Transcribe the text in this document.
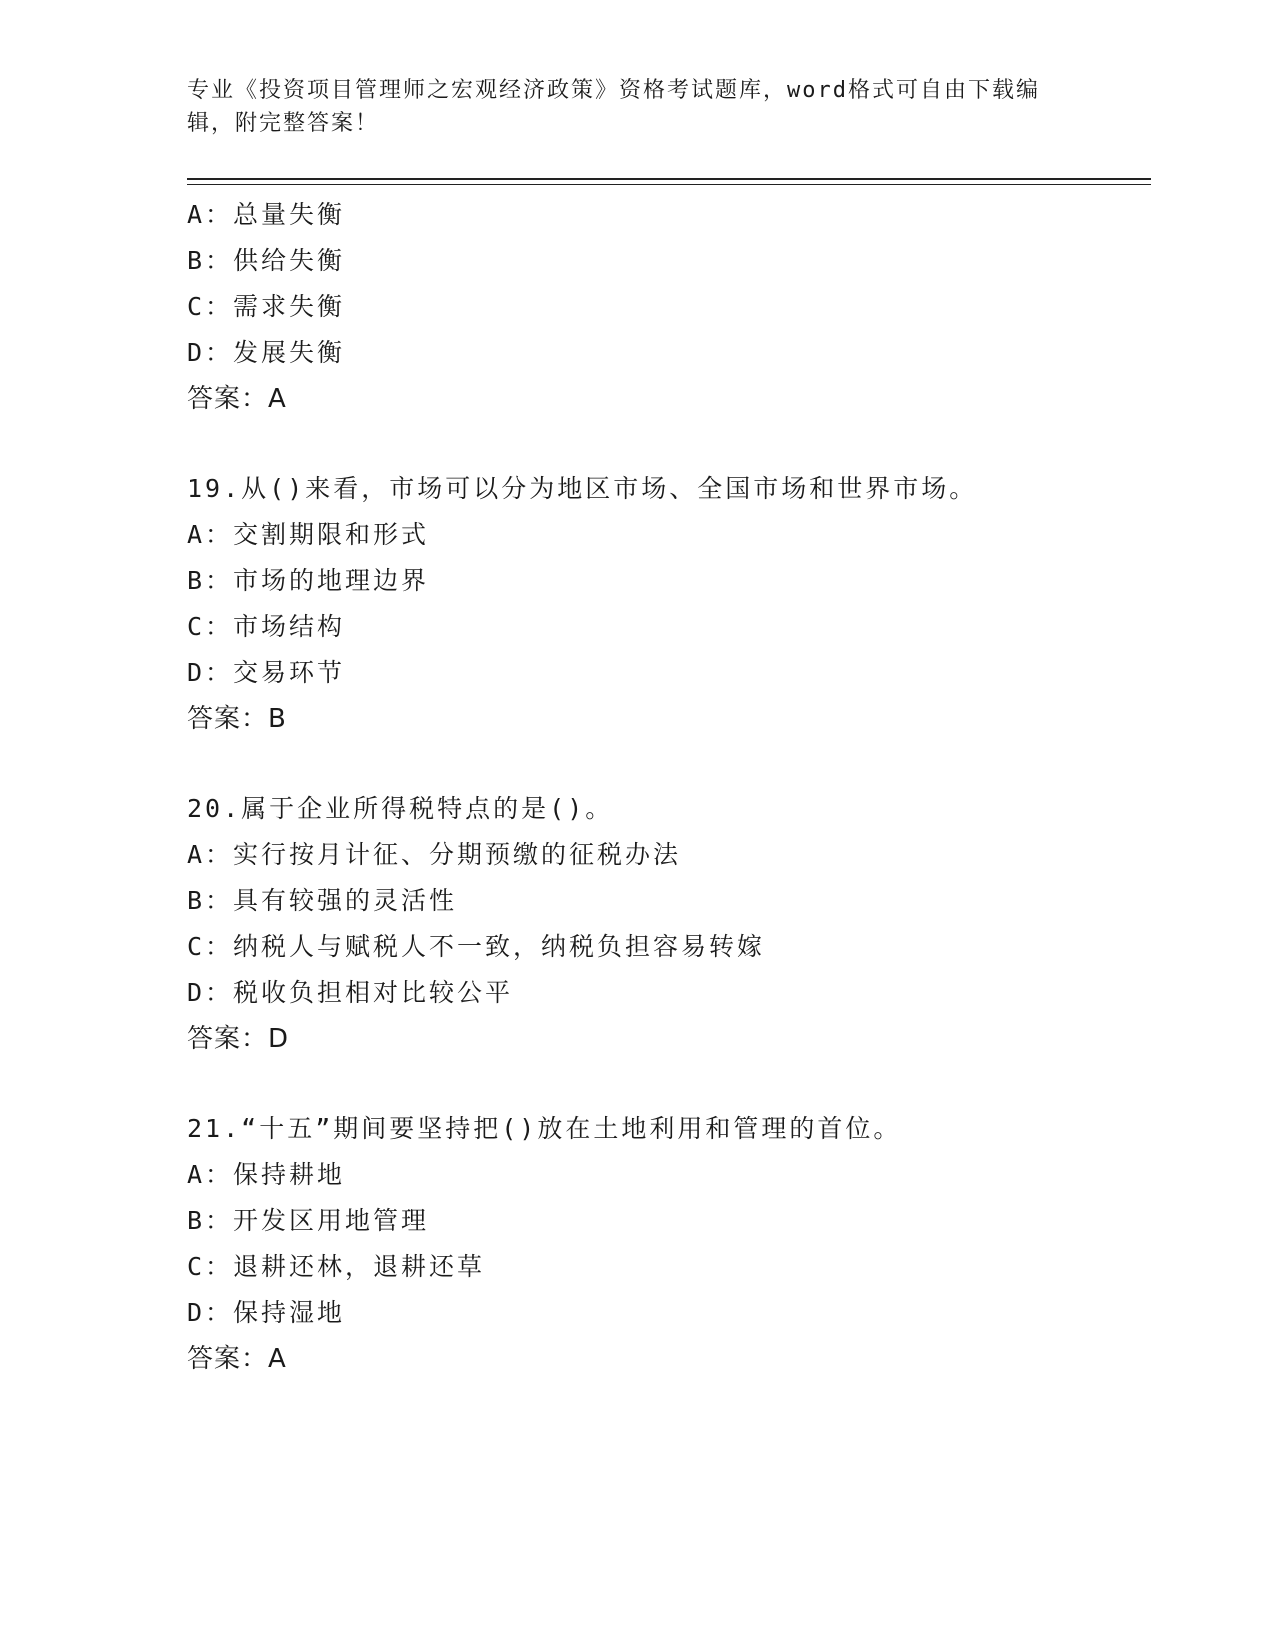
专业《投资项目管理师之宏观经济政策》资格考试题库，word格式可自由下载编
辑，附完整答案！
A：总量失衡
B：供给失衡
C：需求失衡
D：发展失衡
答案：A
19.从()来看，市场可以分为地区市场、全国市场和世界市场。
A：交割期限和形式
B：市场的地理边界
C：市场结构
D：交易环节
答案：B
20.属于企业所得税特点的是()。
A：实行按月计征、分期预缴的征税办法
B：具有较强的灵活性
C：纳税人与赋税人不一致，纳税负担容易转嫁
D：税收负担相对比较公平
答案：D
21.“十五”期间要坚持把()放在土地利用和管理的首位。
A：保持耕地
B：开发区用地管理
C：退耕还林，退耕还草
D：保持湿地
答案：A
